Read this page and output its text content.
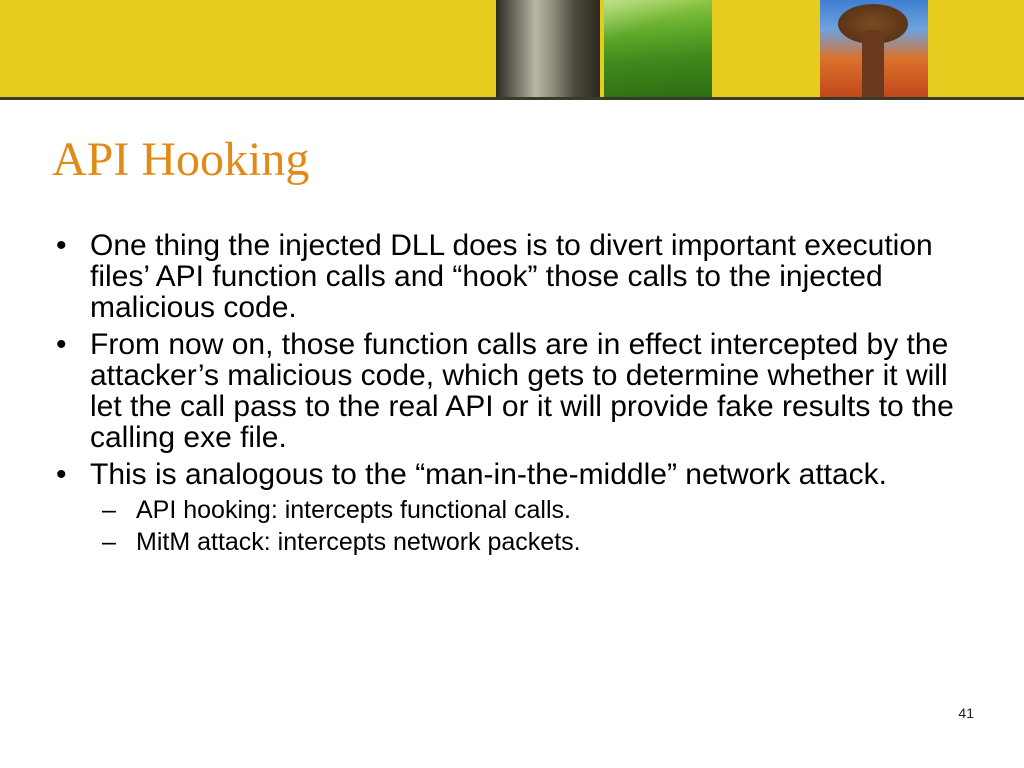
API Hooking
• One thing the injected DLL does is to divert important execution files’ API function calls and “hook” those calls to the injected malicious code.
• From now on, those function calls are in effect intercepted by the attacker’s malicious code, which gets to determine whether it will let the call pass to the real API or it will provide fake results to the calling exe file.
• This is analogous to the “man-in-the-middle” network attack.
– API hooking: intercepts functional calls.
– MitM attack: intercepts network packets.
41
